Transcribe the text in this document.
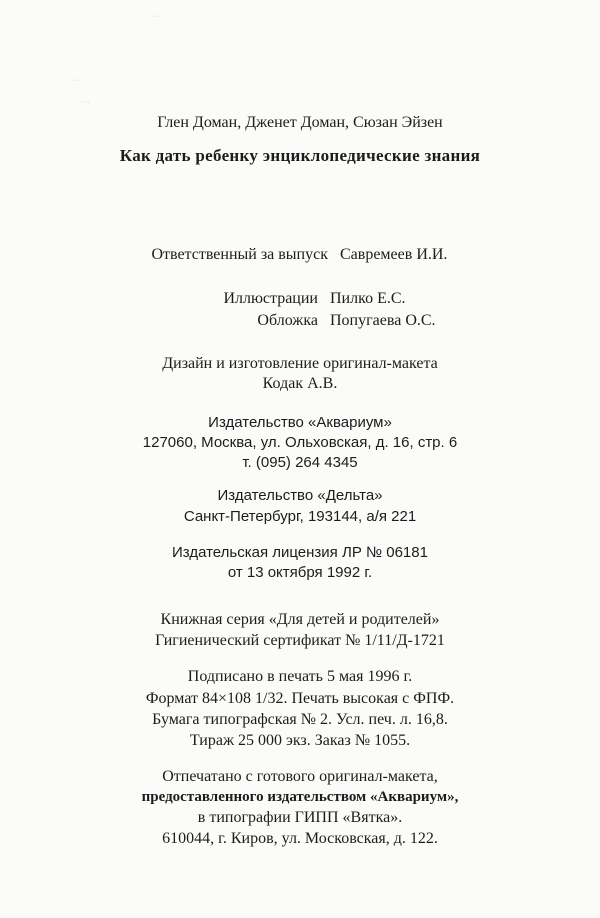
...
...
...
Глен Доман, Дженет Доман, Сюзан Эйзен
Как дать ребенку энциклопедические знания
Ответственный за выпуск Савремеев И.И.
Иллюстрации Пилко Е.С.
Обложка Попугаева О.С.
Дизайн и изготовление оригинал-макета
Кодак А.В.
Издательство «Аквариум»
127060, Москва, ул. Ольховская, д. 16, стр. 6
т. (095) 264 4345
Издательство «Дельта»
Санкт-Петербург, 193144, а/я 221
Издательская лицензия ЛР № 06181
от 13 октября 1992 г.
Книжная серия «Для детей и родителей»
Гигиенический сертификат № 1/11/Д-1721
Подписано в печать 5 мая 1996 г.
Формат 84×108 1/32. Печать высокая с ФПФ.
Бумага типографская № 2. Усл. печ. л. 16,8.
Тираж 25 000 экз. Заказ № 1055.
Отпечатано с готового оригинал-макета,
предоставленного издательством «Аквариум»,
в типографии ГИПП «Вятка».
610044, г. Киров, ул. Московская, д. 122.
